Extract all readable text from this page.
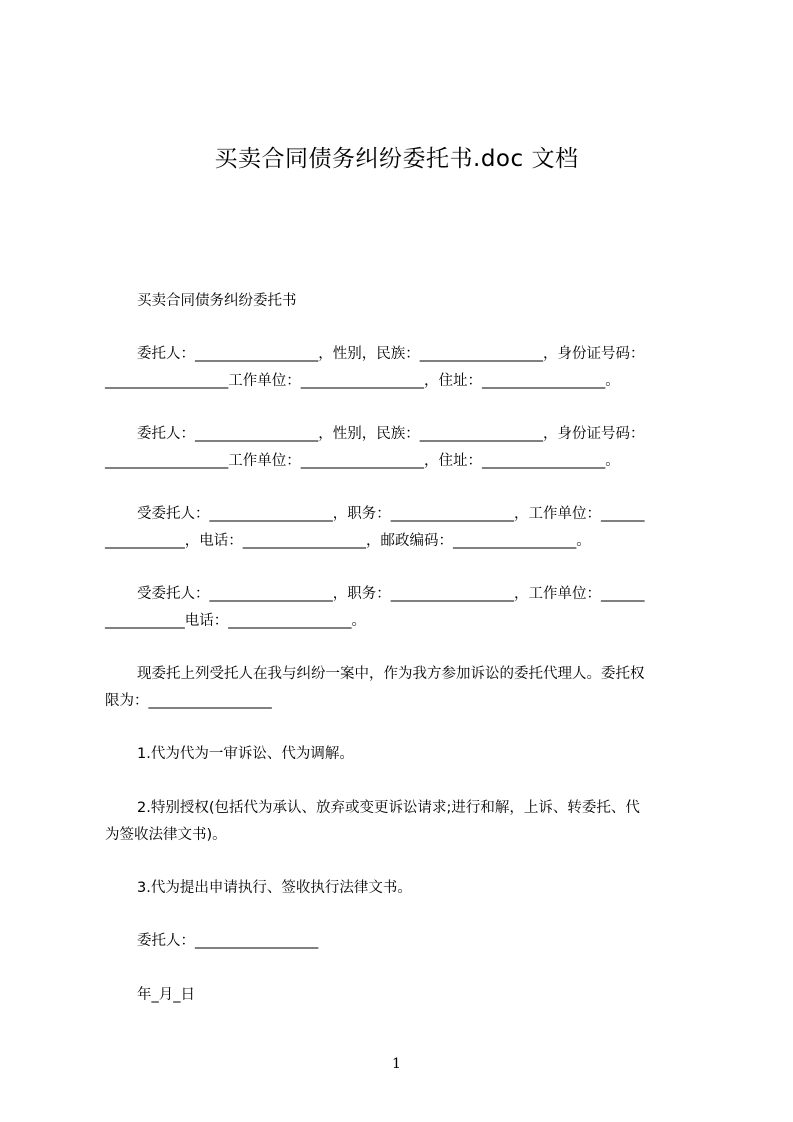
买卖合同债务纠纷委托书.doc 文档
买卖合同债务纠纷委托书
委托人：_________________，性别，民族：_________________，身份证号码：
_________________工作单位：_________________，住址：_________________。
委托人：_________________，性别，民族：_________________，身份证号码：
_________________工作单位：_________________，住址：_________________。
受委托人：_________________，职务：_________________，工作单位：______
___________，电话：_________________，邮政编码：_________________。
受委托人：_________________，职务：_________________，工作单位：______
___________电话：_________________。
现委托上列受托人在我与纠纷一案中，作为我方参加诉讼的委托代理人。委托权
限为：_________________
1.代为代为一审诉讼、代为调解。
2.特别授权(包括代为承认、放弃或变更诉讼请求;进行和解，上诉、转委托、代
为签收法律文书)。
3.代为提出申请执行、签收执行法律文书。
委托人：_________________
年_月_日
1
